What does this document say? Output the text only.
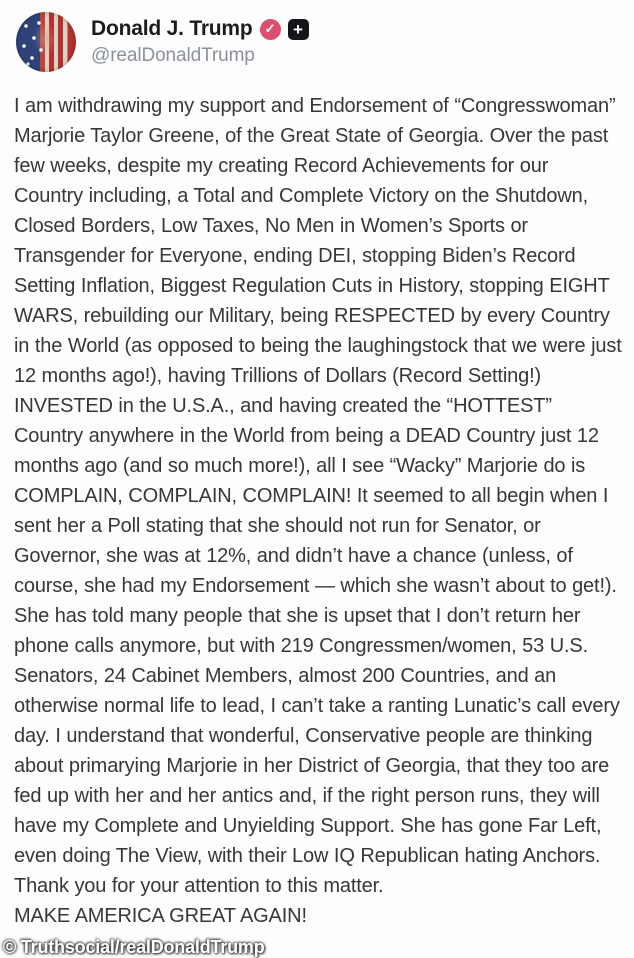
Donald J. Trump ✓	+
@realDonaldTrump
I am withdrawing my support and Endorsement of “Congresswoman” Marjorie Taylor Greene, of the Great State of Georgia. Over the past few weeks, despite my creating Record Achievements for our Country including, a Total and Complete Victory on the Shutdown, Closed Borders, Low Taxes, No Men in Women’s Sports or Transgender for Everyone, ending DEI, stopping Biden’s Record Setting Inflation, Biggest Regulation Cuts in History, stopping EIGHT WARS, rebuilding our Military, being RESPECTED by every Country in the World (as opposed to being the laughingstock that we were just 12 months ago!), having Trillions of Dollars (Record Setting!) INVESTED in the U.S.A., and having created the “HOTTEST” Country anywhere in the World from being a DEAD Country just 12 months ago (and so much more!), all I see “Wacky” Marjorie do is COMPLAIN, COMPLAIN, COMPLAIN! It seemed to all begin when I sent her a Poll stating that she should not run for Senator, or Governor, she was at 12%, and didn’t have a chance (unless, of course, she had my Endorsement — which she wasn’t about to get!). She has told many people that she is upset that I don’t return her phone calls anymore, but with 219 Congressmen/women, 53 U.S. Senators, 24 Cabinet Members, almost 200 Countries, and an otherwise normal life to lead, I can’t take a ranting Lunatic’s call every day. I understand that wonderful, Conservative people are thinking about primarying Marjorie in her District of Georgia, that they too are fed up with her and her antics and, if the right person runs, they will have my Complete and Unyielding Support. She has gone Far Left, even doing The View, with their Low IQ Republican hating Anchors. Thank you for your attention to this matter.
MAKE AMERICA GREAT AGAIN!
© Truthsocial/realDonaldTrump
